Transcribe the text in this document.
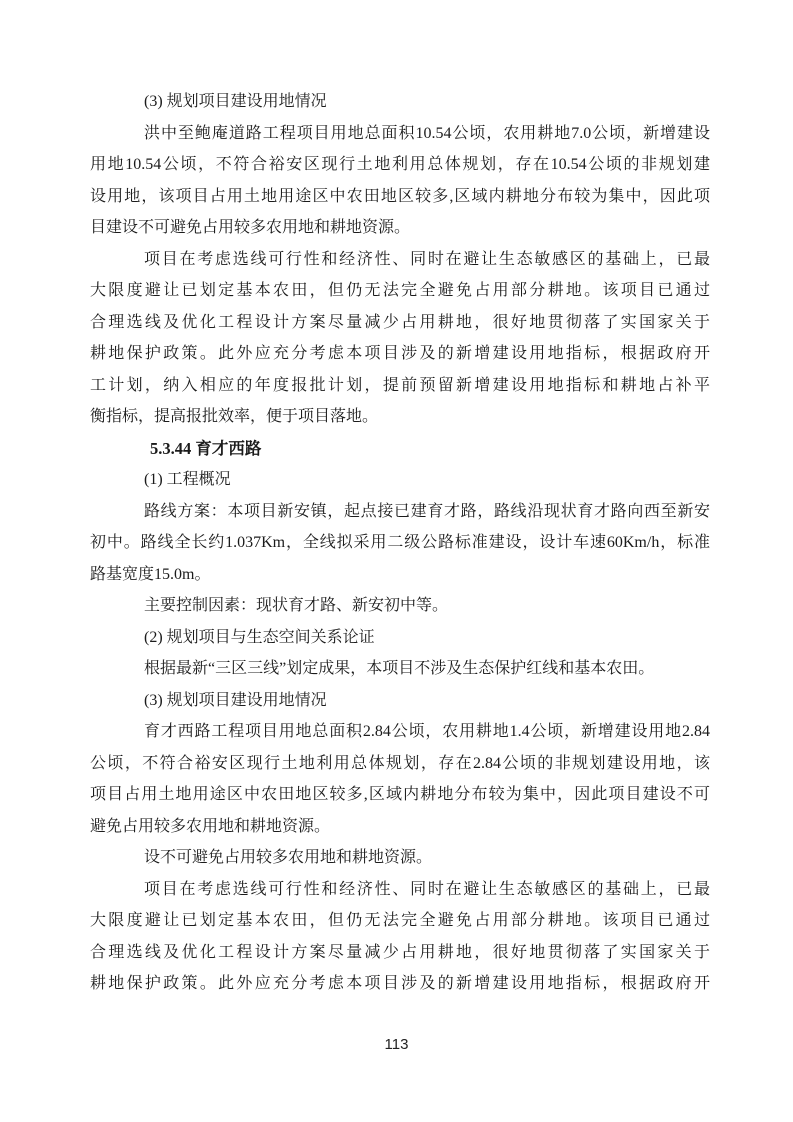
(3) 规划项目建设用地情况
洪中至鲍庵道路工程项目用地总面积10.54公顷，农用耕地7.0公顷，新增建设
用地10.54公顷，不符合裕安区现行土地利用总体规划，存在10.54公顷的非规划建
设用地，该项目占用土地用途区中农田地区较多,区域内耕地分布较为集中，因此项
目建设不可避免占用较多农用地和耕地资源。
项目在考虑选线可行性和经济性、同时在避让生态敏感区的基础上，已最
大限度避让已划定基本农田，但仍无法完全避免占用部分耕地。该项目已通过
合理选线及优化工程设计方案尽量减少占用耕地，很好地贯彻落了实国家关于
耕地保护政策。此外应充分考虑本项目涉及的新增建设用地指标，根据政府开
工计划，纳入相应的年度报批计划，提前预留新增建设用地指标和耕地占补平
衡指标，提高报批效率，便于项目落地。
5.3.44 育才西路
(1) 工程概况
路线方案：本项目新安镇，起点接已建育才路，路线沿现状育才路向西至新安
初中。路线全长约1.037Km，全线拟采用二级公路标准建设，设计车速60Km/h，标准
路基宽度15.0m。
主要控制因素：现状育才路、新安初中等。
(2) 规划项目与生态空间关系论证
根据最新“三区三线”划定成果，本项目不涉及生态保护红线和基本农田。
(3) 规划项目建设用地情况
育才西路工程项目用地总面积2.84公顷，农用耕地1.4公顷，新增建设用地2.84
公顷，不符合裕安区现行土地利用总体规划，存在2.84公顷的非规划建设用地，该
项目占用土地用途区中农田地区较多,区域内耕地分布较为集中，因此项目建设不可
避免占用较多农用地和耕地资源。
设不可避免占用较多农用地和耕地资源。
项目在考虑选线可行性和经济性、同时在避让生态敏感区的基础上，已最
大限度避让已划定基本农田，但仍无法完全避免占用部分耕地。该项目已通过
合理选线及优化工程设计方案尽量减少占用耕地，很好地贯彻落了实国家关于
耕地保护政策。此外应充分考虑本项目涉及的新增建设用地指标，根据政府开
113
